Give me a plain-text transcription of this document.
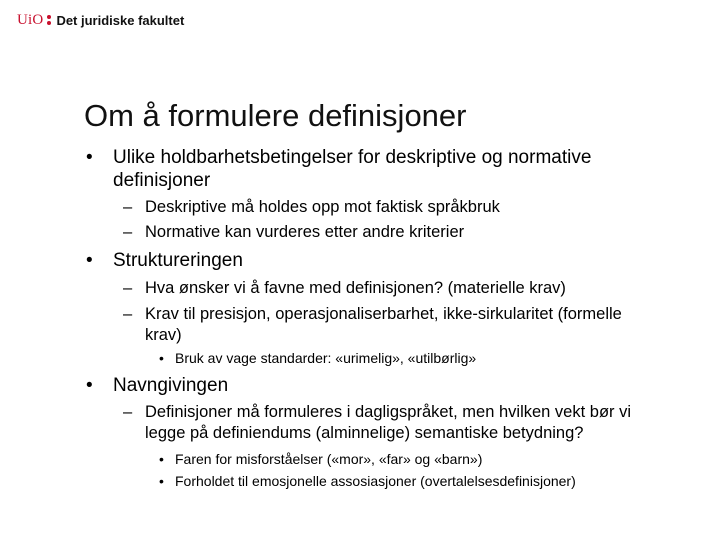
UiO Det juridiske fakultet
Om å formulere definisjoner
• Ulike holdbarhetsbetingelser for deskriptive og normative
definisjoner
– Deskriptive må holdes opp mot faktisk språkbruk
– Normative kan vurderes etter andre kriterier
• Struktureringen
– Hva ønsker vi å favne med definisjonen? (materielle krav)
– Krav til presisjon, operasjonaliserbarhet, ikke-sirkularitet (formelle
krav)
• Bruk av vage standarder: «urimelig», «utilbørlig»
• Navngivingen
– Definisjoner må formuleres i dagligspråket, men hvilken vekt bør vi
legge på definiendums (alminnelige) semantiske betydning?
• Faren for misforståelser («mor», «far» og «barn»)
• Forholdet til emosjonelle assosiasjoner (overtalelsesdefinisjoner)
